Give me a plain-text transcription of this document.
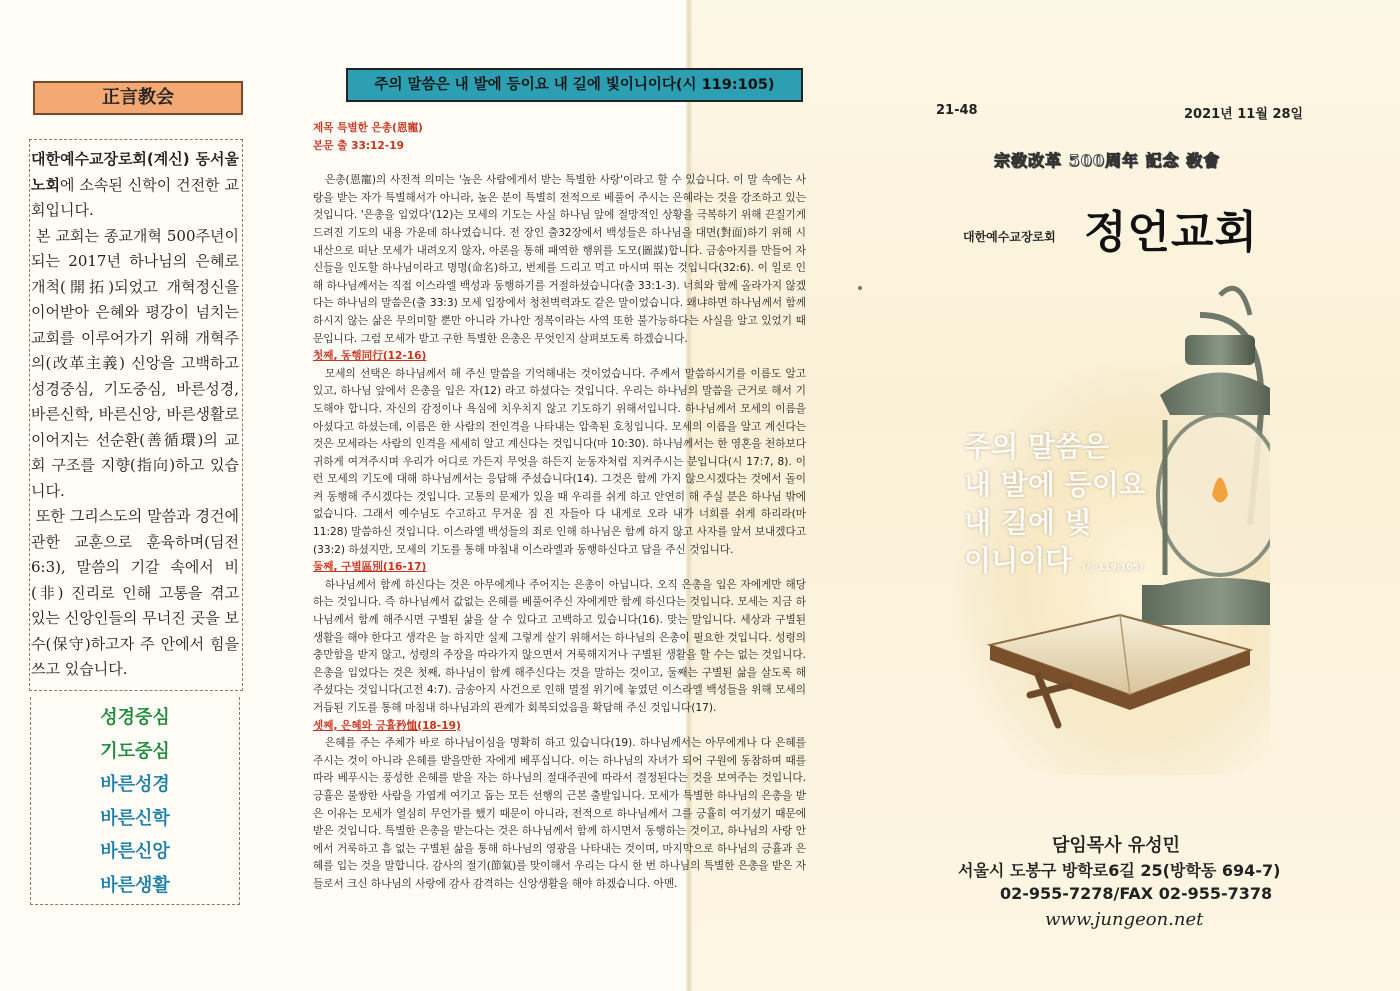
正言教会

대한예수교장로회(계신) 동서울 노회에 소속된 신학이 건전한 교회입니다.

본 교회는 종교개혁 500주년이 되는 2017년 하나님의 은혜로 개척(開拓)되었고 개혁정신을 이어받아 은혜와 평강이 넘치는 교회를 이루어가기 위해 개혁주의(改革主義) 신앙을 고백하고 성경중심, 기도중심, 바른성경, 바른신학, 바른신앙, 바른생활로 이어지는 선순환(善循環)의 교회 구조를 지향(指向)하고 있습니다.

또한 그리스도의 말씀과 경건에 관한 교훈으로 훈육하며(딤전 6:3), 말씀의 기갈 속에서 비(非) 진리로 인해 고통을 겪고 있는 신앙인들의 무너진 곳을 보수(保守)하고자 주 안에서 힘을 쓰고 있습니다.

성경중심
기도중심
바른성경
바른신학
바른신앙
바른생활
주의 말씀은 내 발에 등이요 내 길에 빛이니이다(시 119:105)

제목 특별한 은총(恩寵)

본문 출 33:12-19

은총(恩寵)의 사전적 의미는 '높은 사람에게서 받는 특별한 사랑'이라고 할 수 있습니다. 이 말 속에는 사랑을 받는 자가 특별해서가 아니라, 높은 분이 특별히 전적으로 베풀어 주시는 은혜라는 것을 강조하고 있는 것입니다. '은총을 입었다'(12)는 모세의 기도는 사실 하나님 앞에 절망적인 상황을 극복하기 위해 끈질기게 드려진 기도의 내용 가운데 하나였습니다. 전 장인 출32장에서 백성들은 하나님을 대면(對面)하기 위해 시내산으로 떠난 모세가 내려오지 않자, 아론을 통해 패역한 행위를 도모(圖謀)합니다. 금송아지를 만들어 자신들을 인도할 하나님이라고 명명(命名)하고, 번제를 드리고 먹고 마시며 뛰논 것입니다(32:6). 이 일로 인해 하나님께서는 직접 이스라엘 백성과 동행하기를 거절하셨습니다(출 33:1-3). 너희와 함께 올라가지 않겠다는 하나님의 말씀은(출 33:3) 모세 입장에서 청천벽력과도 같은 말이었습니다. 왜냐하면 하나님께서 함께 하시지 않는 삶은 무의미할 뿐만 아니라 가나안 정복이라는 사역 또한 불가능하다는 사실을 알고 있었기 때문입니다. 그럼 모세가 받고 구한 특별한 은총은 무엇인지 살펴보도록 하겠습니다.

첫째, 동행同行(12-16)

모세의 선택은 하나님께서 해 주신 말씀을 기억해내는 것이었습니다. 주께서 말씀하시기를 이름도 알고 있고, 하나님 앞에서 은총을 입은 자(12) 라고 하셨다는 것입니다. 우리는 하나님의 말씀을 근거로 해서 기도해야 합니다. 자신의 감정이나 욕심에 치우치지 않고 기도하기 위해서입니다. 하나님께서 모세의 이름을 아셨다고 하셨는데, 이름은 한 사람의 전인격을 나타내는 압축된 호칭입니다. 모세의 이름을 알고 계신다는 것은 모세라는 사람의 인격을 세세히 알고 계신다는 것입니다(마 10:30). 하나님께서는 한 영혼을 천하보다 귀하게 여겨주시며 우리가 어디로 가든지 무엇을 하든지 눈동자처럼 지켜주시는 분입니다(시 17:7, 8). 이런 모세의 기도에 대해 하나님께서는 응답해 주셨습니다(14). 그것은 함께 가지 않으시겠다는 것에서 돌이켜 동행해 주시겠다는 것입니다. 고통의 문제가 있을 때 우리를 쉬게 하고 안연히 해 주실 분은 하나님 밖에 없습니다. 그래서 예수님도 수고하고 무거운 짐 진 자들아 다 내게로 오라 내가 너희를 쉬게 하리라(마 11:28) 말씀하신 것입니다. 이스라엘 백성들의 죄로 인해 하나님은 함께 하지 않고 사자를 앞서 보내겠다고(33:2) 하셨지만, 모세의 기도를 통해 마침내 이스라엘과 동행하신다고 답을 주신 것입니다.

둘째, 구별區別(16-17)

하나님께서 함께 하신다는 것은 아무에게나 주어지는 은총이 아닙니다. 오직 은총을 입은 자에게만 해당하는 것입니다. 즉 하나님께서 값없는 은혜를 베풀어주신 자에게만 함께 하신다는 것입니다. 모세는 지금 하나님께서 함께 해주시면 구별된 삶을 살 수 있다고 고백하고 있습니다(16). 맞는 말입니다. 세상과 구별된 생활을 해야 한다고 생각은 늘 하지만 실제 그렇게 살기 위해서는 하나님의 은총이 필요한 것입니다. 성령의 충만함을 받지 않고, 성령의 주장을 따라가지 않으면서 거룩해지거나 구별된 생활을 할 수는 없는 것입니다. 은총을 입었다는 것은 첫째, 하나님이 함께 해주신다는 것을 말하는 것이고, 둘째는 구별된 삶을 살도록 해 주셨다는 것입니다(고전 4:7). 금송아지 사건으로 인해 멸절 위기에 놓였던 이스라엘 백성들을 위해 모세의 거듭된 기도를 통해 마침내 하나님과의 관계가 회복되었음을 확답해 주신 것입니다(17).

셋째, 은혜와 긍휼矜恤(18-19)

은혜를 주는 주체가 바로 하나님이심을 명확히 하고 있습니다(19). 하나님께서는 아무에게나 다 은혜를 주시는 것이 아니라 은혜를 받을만한 자에게 베푸십니다. 이는 하나님의 자녀가 되어 구원에 동참하며 때를 따라 베푸시는 풍성한 은혜를 받을 자는 하나님의 절대주권에 따라서 결정된다는 것을 보여주는 것입니다. 긍휼은 불쌍한 사람을 가엽게 여기고 돕는 모든 선행의 근본 출발입니다. 모세가 특별한 하나님의 은총을 받은 이유는 모세가 열심히 무언가를 했기 때문이 아니라, 전적으로 하나님께서 그를 긍휼히 여기셨기 때문에 받은 것입니다. 특별한 은총을 받는다는 것은 하나님께서 함께 하시면서 동행하는 것이고, 하나님의 사랑 안에서 거룩하고 흠 없는 구별된 삶을 통해 하나님의 영광을 나타내는 것이며, 마지막으로 하나님의 긍휼과 은혜를 입는 것을 말합니다. 감사의 절기(節氣)를 맞이해서 우리는 다시 한 번 하나님의 특별한 은총을 받은 자들로서 크신 하나님의 사랑에 감사 감격하는 신앙생활을 해야 하겠습니다. 아멘.

21-48	2021년 11월 28일
宗敎改革 500周年 記念 敎會
대한예수교장로회 정언교회
주의 말씀은
내 발에 등이요
내 길에 빛
이니이다 (시 119:105)
담임목사 유성민
서울시 도봉구 방학로6길 25(방학동 694-7)
02-955-7278/FAX 02-955-7378
www.jungeon.net
